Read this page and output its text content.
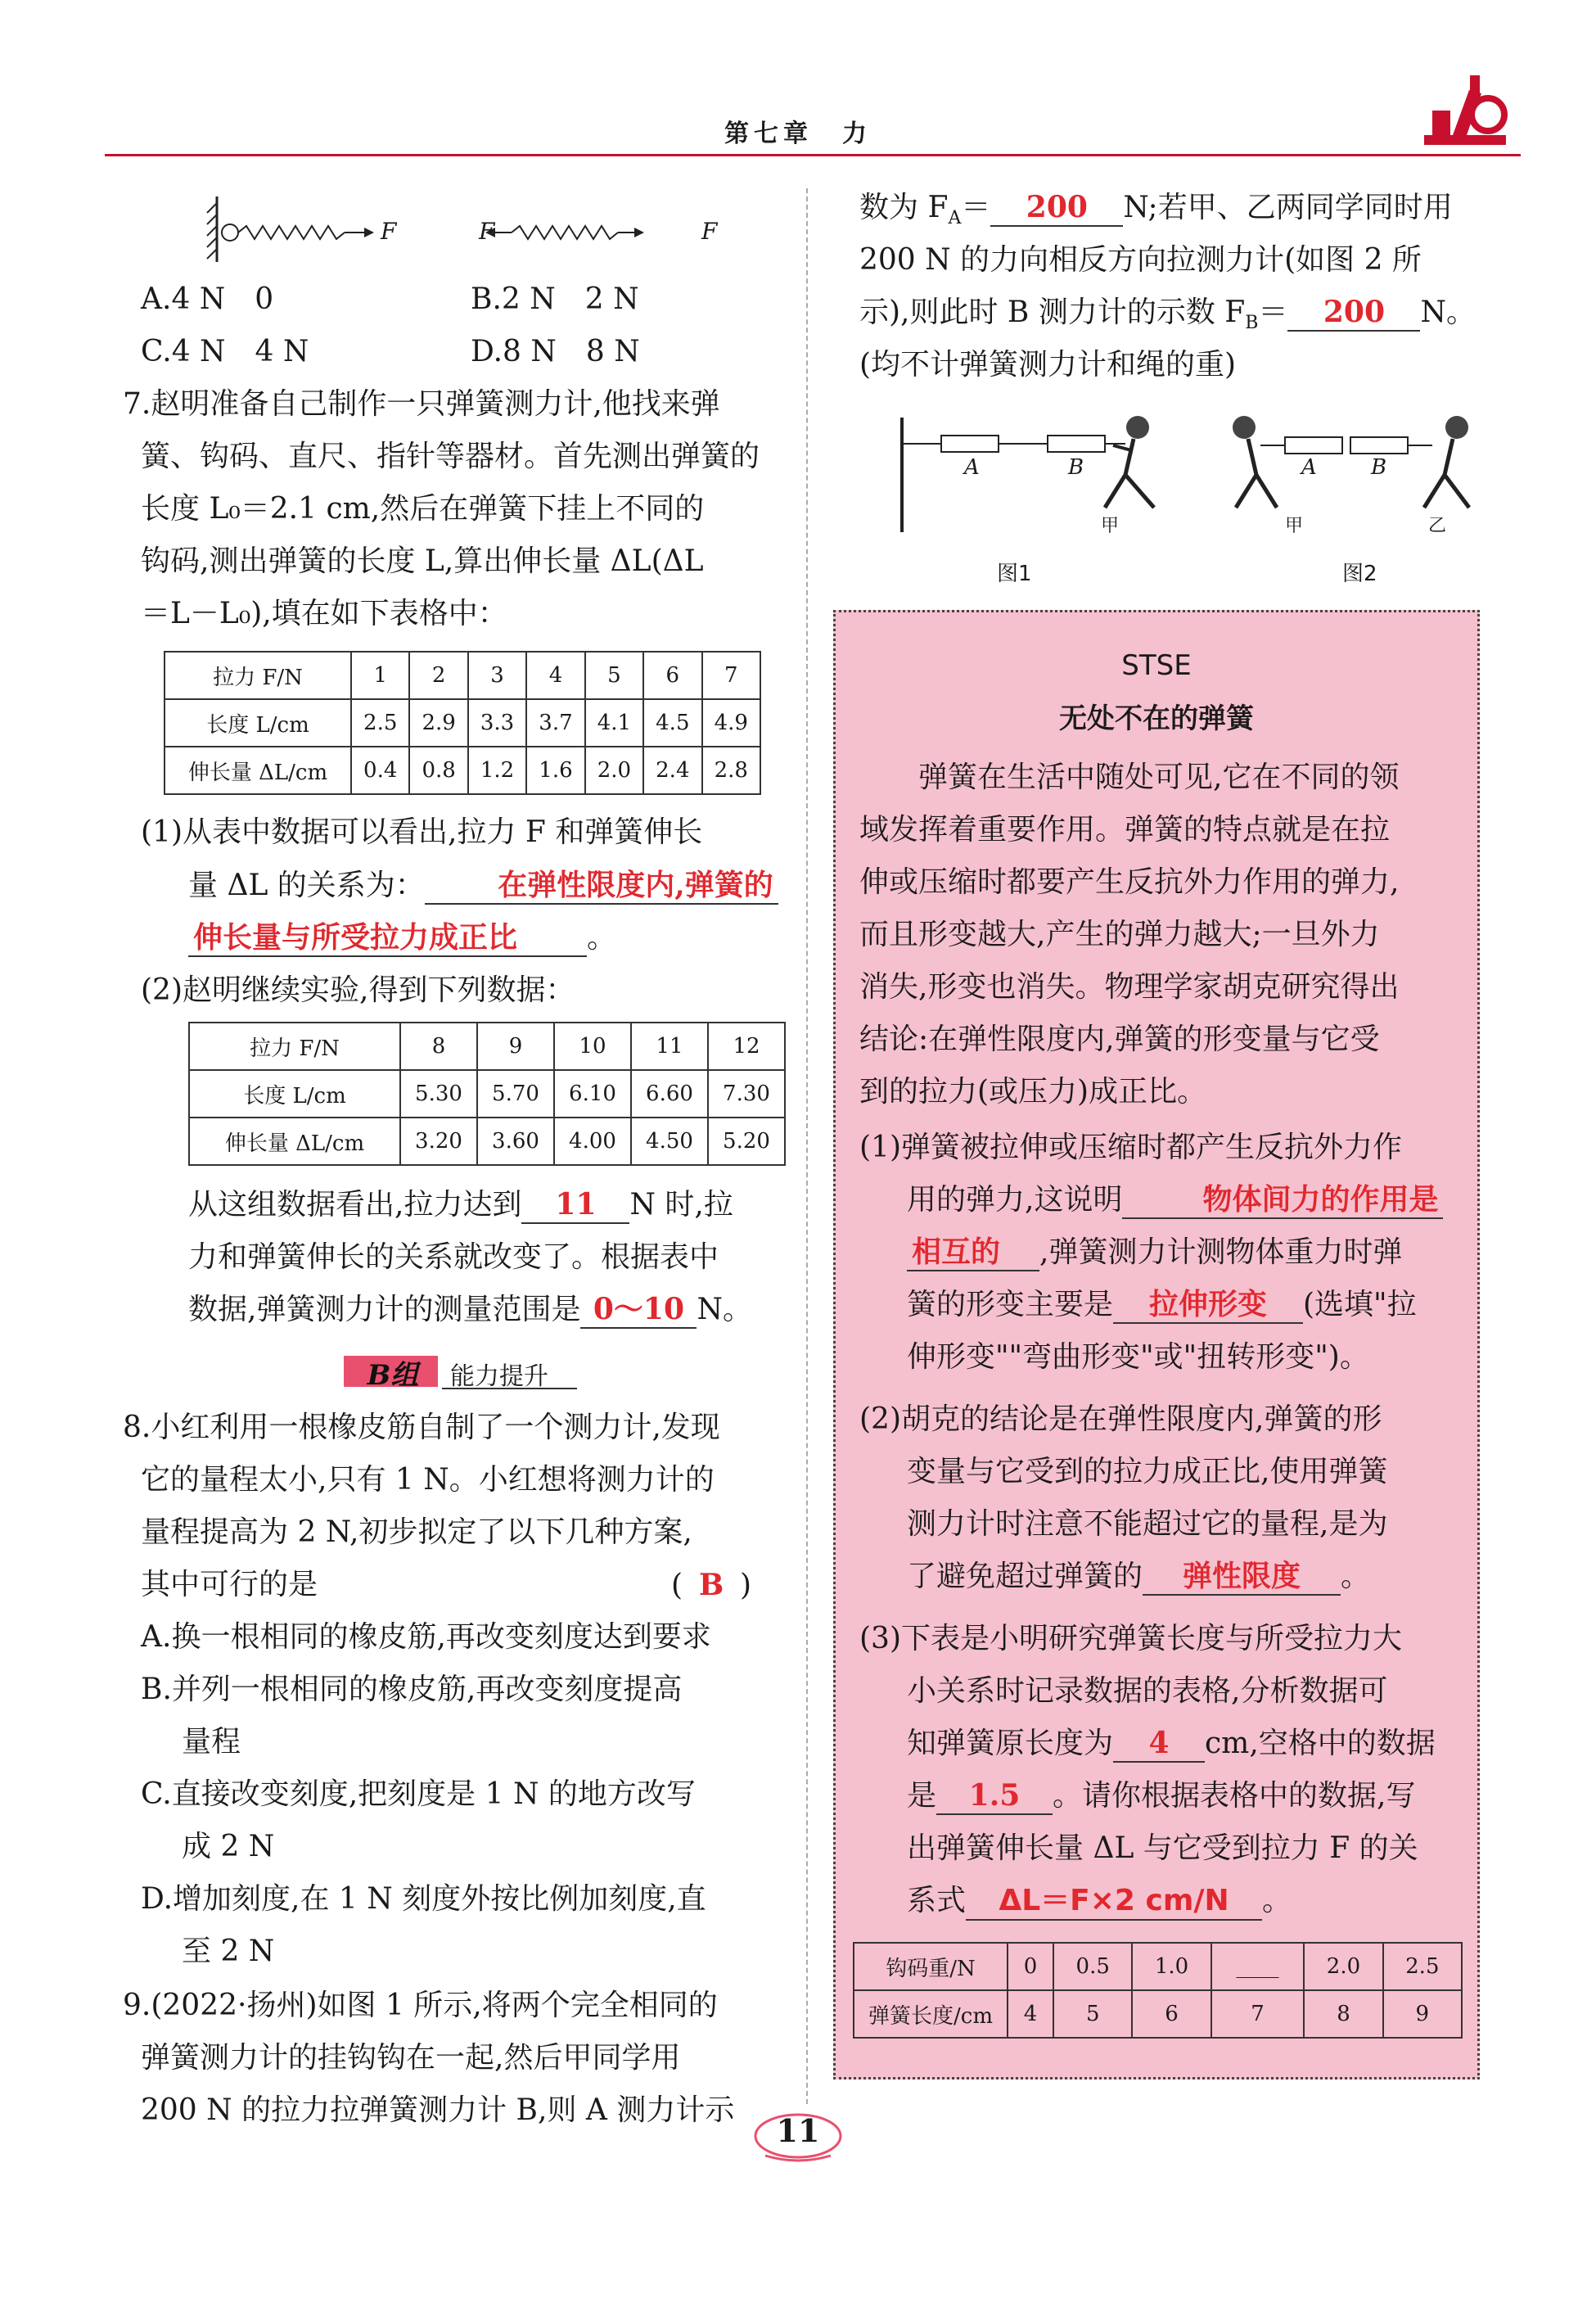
第七章　力
F	F	F
A.4 N　0	B.2 N　2 N
C.4 N　4 N	D.8 N　8 N
7.赵明准备自己制作一只弹簧测力计,他找来弹
簧、钩码、直尺、指针等器材。首先测出弹簧的
长度 L₀＝2.1 cm,然后在弹簧下挂上不同的
钩码,测出弹簧的长度 L,算出伸长量 ΔL(ΔL
＝L－L₀),填在如下表格中：
拉力 F/N	1	2	3	4	5	6	7
长度 L/cm	2.5	2.9	3.3	3.7	4.1	4.5	4.9
伸长量 ΔL/cm	0.4	0.8	1.2	1.6	2.0	2.4	2.8
(1)从表中数据可以看出,拉力 F 和弹簧伸长
量 ΔL 的关系为： 在弹性限度内,弹簧的
伸长量与所受拉力成正比 。
(2)赵明继续实验,得到下列数据：
拉力 F/N	8	9	10	11	12
长度 L/cm	5.30	5.70	6.10	6.60	7.30
伸长量 ΔL/cm	3.20	3.60	4.00	4.50	5.20
从这组数据看出,拉力达到 11 N 时,拉
力和弹簧伸长的关系就改变了。根据表中
数据,弹簧测力计的测量范围是 0～10 N。
B组	能力提升
8.小红利用一根橡皮筋自制了一个测力计,发现
它的量程太小,只有 1 N。小红想将测力计的
量程提高为 2 N,初步拟定了以下几种方案,
其中可行的是	( B )
A.换一根相同的橡皮筋,再改变刻度达到要求
B.并列一根相同的橡皮筋,再改变刻度提高
量程
C.直接改变刻度,把刻度是 1 N 的地方改写
成 2 N
D.增加刻度,在 1 N 刻度外按比例加刻度,直
至 2 N
9.(2022·扬州)如图 1 所示,将两个完全相同的
弹簧测力计的挂钩钩在一起,然后甲同学用
200 N 的拉力拉弹簧测力计 B,则 A 测力计示
数为 $F_A= 200$ N;若甲、乙两同学同时用
200 N 的力向相反方向拉测力计(如图 2 所
示),则此时 B 测力计的示数 $F_B= 200$ N。
(均不计弹簧测力计和绳的重)
A	B
甲
A	B
甲	乙
图1	图2
STSE
无处不在的弹簧
　　弹簧在生活中随处可见,它在不同的领
域发挥着重要作用。弹簧的特点就是在拉
伸或压缩时都要产生反抗外力作用的弹力,
而且形变越大,产生的弹力越大;一旦外力
消失,形变也消失。物理学家胡克研究得出
结论:在弹性限度内,弹簧的形变量与它受
到的拉力(或压力)成正比。
(1)弹簧被拉伸或压缩时都产生反抗外力作
用的弹力,这说明	物体间力的作用是
相互的 ,弹簧测力计测物体重力时弹
簧的形变主要是 拉伸形变 (选填"拉
伸形变""弯曲形变"或"扭转形变")。
(2)胡克的结论是在弹性限度内,弹簧的形
变量与它受到的拉力成正比,使用弹簧
测力计时注意不能超过它的量程,是为
了避免超过弹簧的 弹性限度 。
(3)下表是小明研究弹簧长度与所受拉力大
小关系时记录数据的表格,分析数据可
知弹簧原长度为 4 cm,空格中的数据
是 1.5 。请你根据表格中的数据,写
出弹簧伸长量 ΔL 与它受到拉力 F 的关
系式 ΔL＝F×2 cm/N 。
钩码重/N	0	0.5	1.0	____	2.0	2.5
弹簧长度/cm	4	5	6	7	8	9
11
